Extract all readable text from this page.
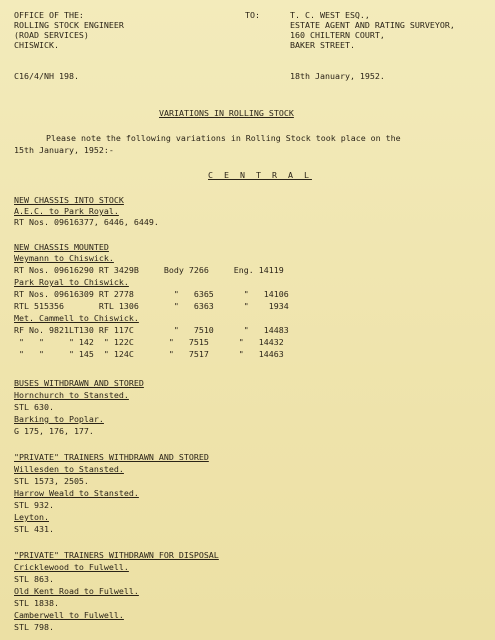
OFFICE OF THE:
ROLLING STOCK ENGINEER
(ROAD SERVICES)
CHISWICK.
TO:	T. C. WEST ESQ.,
ESTATE AGENT AND RATING SURVEYOR,
160 CHILTERN COURT,
BAKER STREET.
C16/4/NH 198.	18th January, 1952.
VARIATIONS IN ROLLING STOCK
Please note the following variations in Rolling Stock took place on the
15th January, 1952:-
C E N T R A L
NEW CHASSIS INTO STOCK
A.E.C. to Park Royal.
RT Nos. 09616377, 6446, 6449.
NEW CHASSIS MOUNTED
Weymann to Chiswick.
RT Nos. 09616290 RT 3429B     Body 7266     Eng. 14119
Park Royal to Chiswick.
RT Nos. 09616309 RT 2778        "   6365      "   14106
RTL 515356       RTL 1306       "   6363      "    1934
Met. Cammell to Chiswick.
RF No. 9821LT130 RF 117C        "   7510      "   14483
"   "     " 142  " 122C       "   7515      "   14432
"   "     " 145  " 124C       "   7517      "   14463
BUSES WITHDRAWN AND STORED
Hornchurch to Stansted.
STL 630.
Barking to Poplar.
G 175, 176, 177.
"PRIVATE" TRAINERS WITHDRAWN AND STORED
Willesden to Stansted.
STL 1573, 2505.
Harrow Weald to Stansted.
STL 932.
Leyton.
STL 431.
"PRIVATE" TRAINERS WITHDRAWN FOR DISPOSAL
Cricklewood to Fulwell.
STL 863.
Old Kent Road to Fulwell.
STL 1838.
Camberwell to Fulwell.
STL 798.
